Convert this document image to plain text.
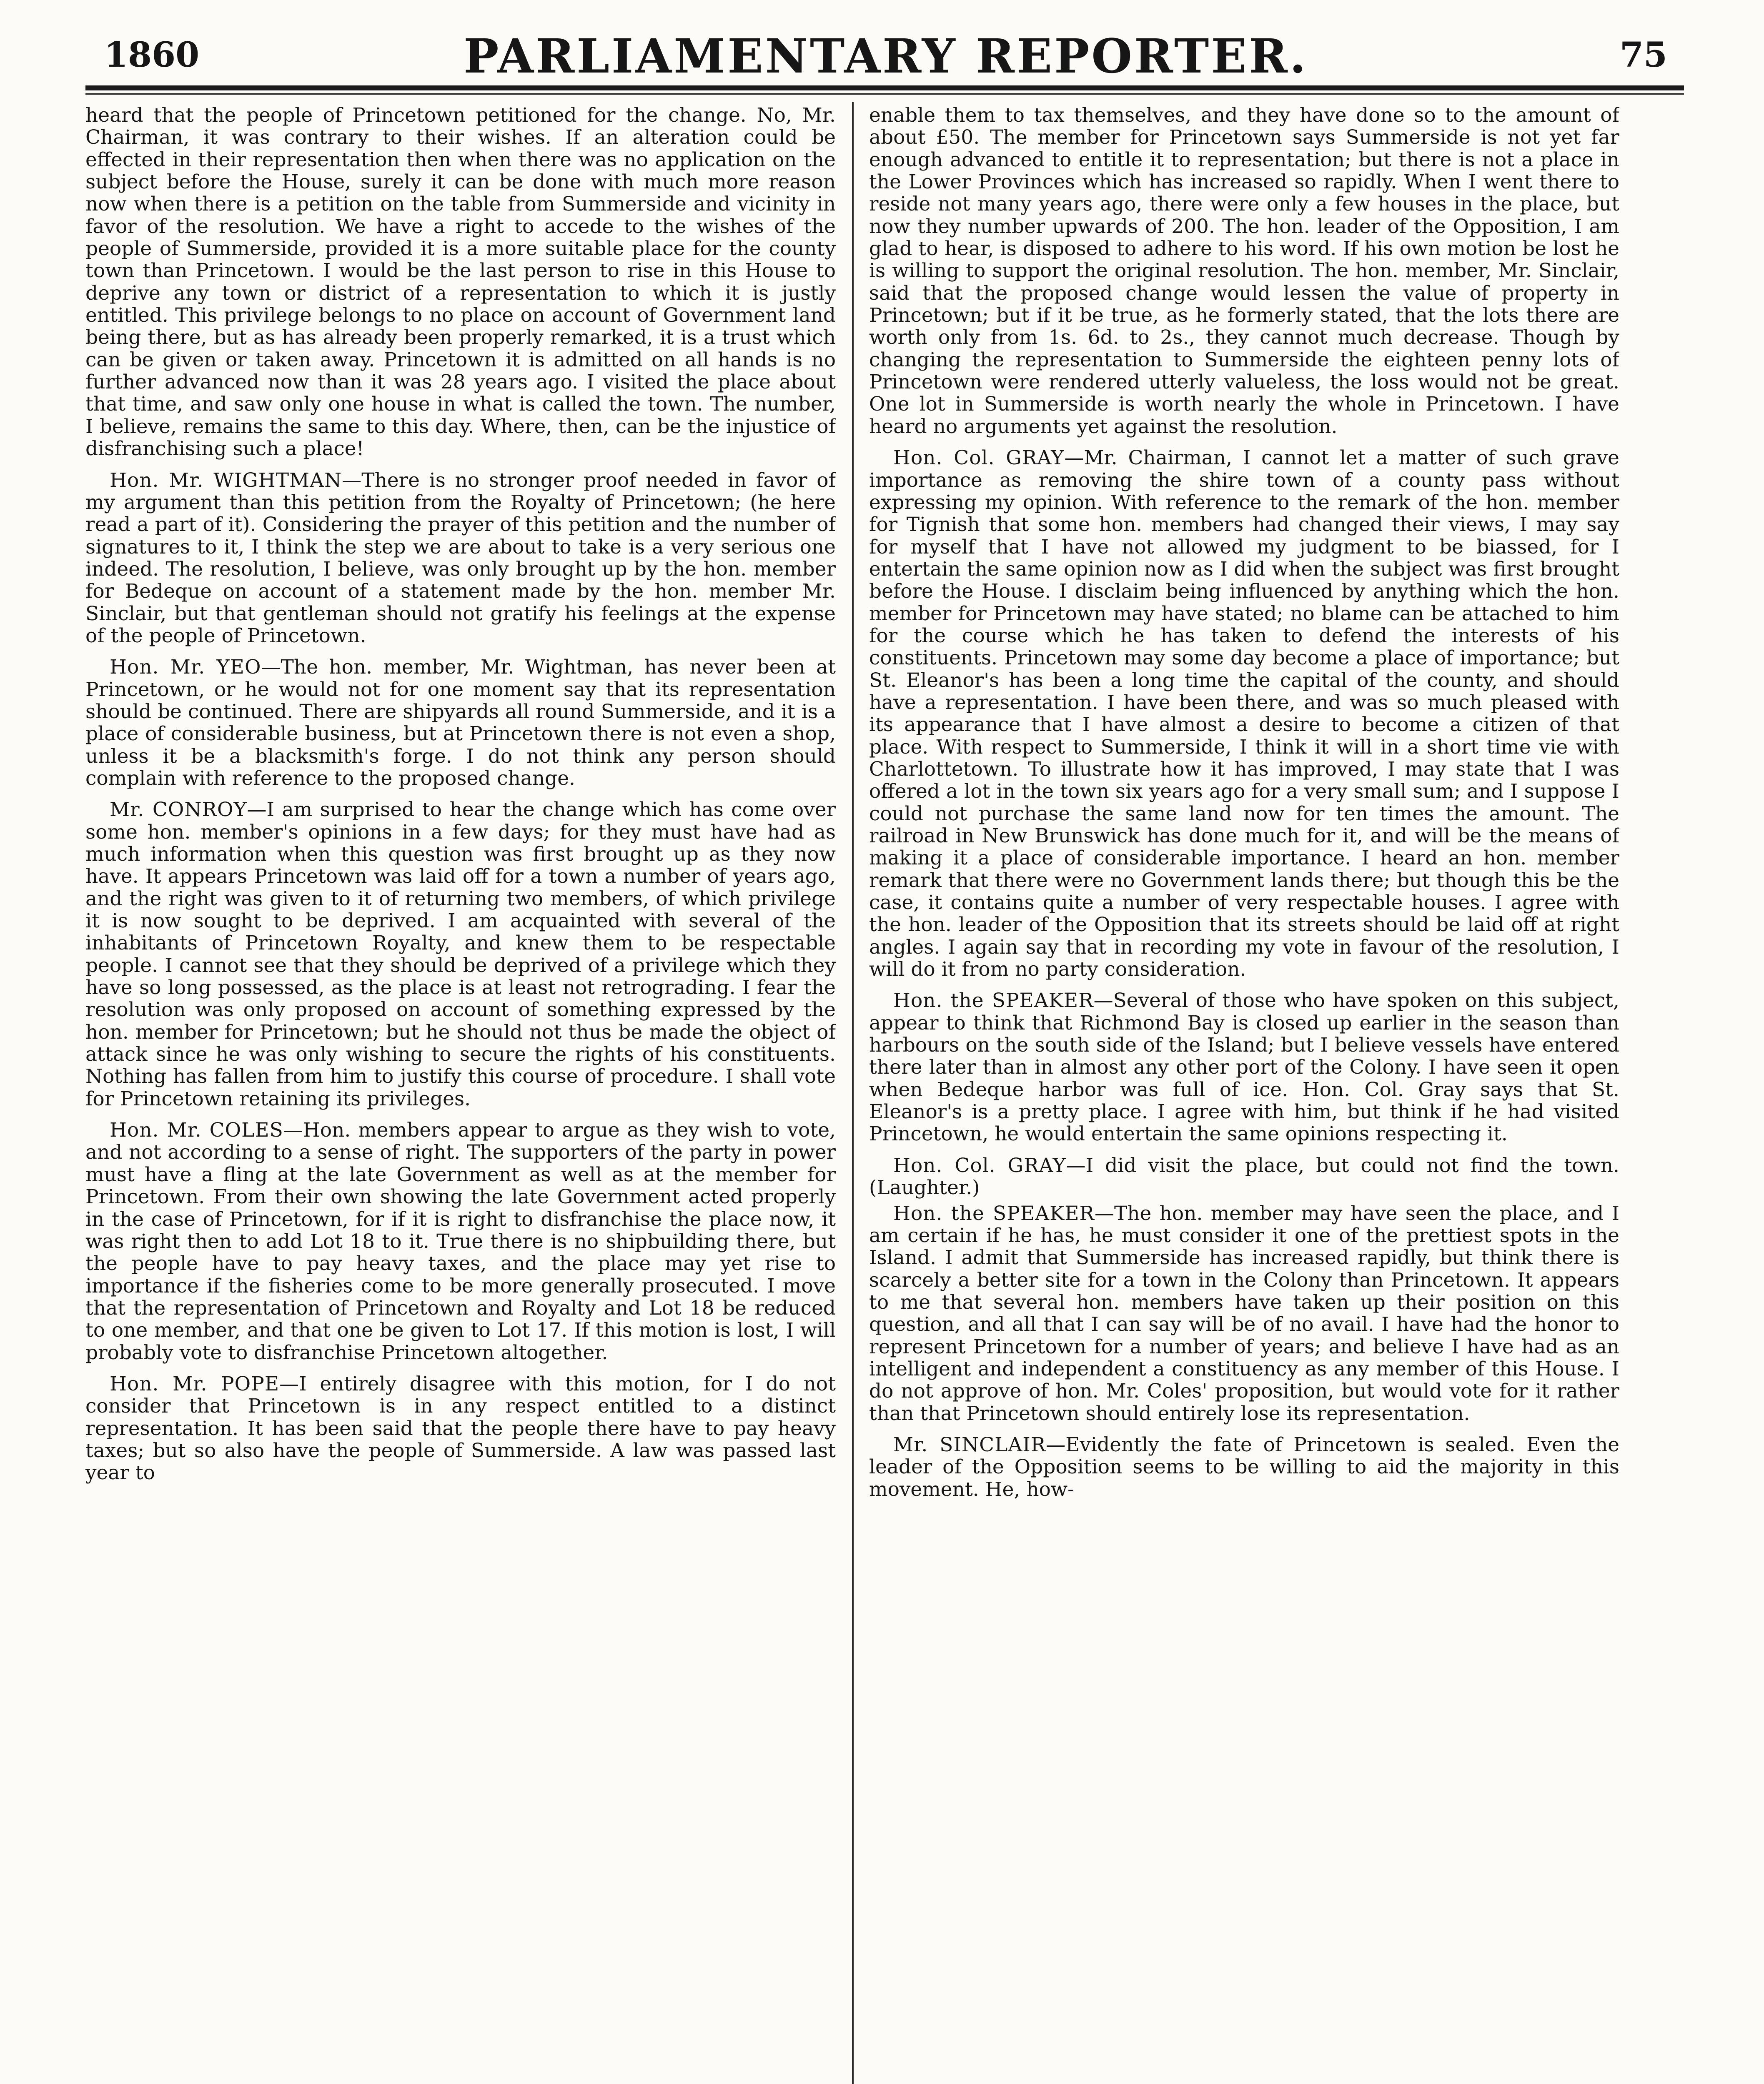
1860	PARLIAMENTARY REPORTER.	75

heard that the people of Princetown petitioned for the change. No, Mr. Chairman, it was contrary to their wishes. If an alteration could be effected in their representation then when there was no application on the subject before the House, surely it can be done with much more reason now when there is a petition on the table from Summerside and vicinity in favor of the resolution. We have a right to accede to the wishes of the people of Summerside, provided it is a more suitable place for the county town than Princetown. I would be the last person to rise in this House to deprive any town or district of a representation to which it is justly entitled. This privilege belongs to no place on account of Government land being there, but as has already been properly remarked, it is a trust which can be given or taken away. Princetown it is admitted on all hands is no further advanced now than it was 28 years ago. I visited the place about that time, and saw only one house in what is called the town. The number, I believe, remains the same to this day. Where, then, can be the injustice of disfranchising such a place!

Hon. Mr. WIGHTMAN—There is no stronger proof needed in favor of my argument than this petition from the Royalty of Princetown; (he here read a part of it). Considering the prayer of this petition and the number of signatures to it, I think the step we are about to take is a very serious one indeed. The resolution, I believe, was only brought up by the hon. member for Bedeque on account of a statement made by the hon. member Mr. Sinclair, but that gentleman should not gratify his feelings at the expense of the people of Princetown.

Hon. Mr. YEO—The hon. member, Mr. Wightman, has never been at Princetown, or he would not for one moment say that its representation should be continued. There are shipyards all round Summerside, and it is a place of considerable business, but at Princetown there is not even a shop, unless it be a blacksmith's forge. I do not think any person should complain with reference to the proposed change.

Mr. CONROY—I am surprised to hear the change which has come over some hon. member's opinions in a few days; for they must have had as much information when this question was first brought up as they now have. It appears Princetown was laid off for a town a number of years ago, and the right was given to it of returning two members, of which privilege it is now sought to be deprived. I am acquainted with several of the inhabitants of Princetown Royalty, and knew them to be respectable people. I cannot see that they should be deprived of a privilege which they have so long possessed, as the place is at least not retrograding. I fear the resolution was only proposed on account of something expressed by the hon. member for Princetown; but he should not thus be made the object of attack since he was only wishing to secure the rights of his constituents. Nothing has fallen from him to justify this course of procedure. I shall vote for Princetown retaining its privileges.

Hon. Mr. COLES—Hon. members appear to argue as they wish to vote, and not according to a sense of right. The supporters of the party in power must have a fling at the late Government as well as at the member for Princetown. From their own showing the late Government acted properly in the case of Princetown, for if it is right to disfranchise the place now, it was right then to add Lot 18 to it. True there is no shipbuilding there, but the people have to pay heavy taxes, and the place may yet rise to importance if the fisheries come to be more generally prosecuted. I move that the representation of Princetown and Royalty and Lot 18 be reduced to one member, and that one be given to Lot 17. If this motion is lost, I will probably vote to disfranchise Princetown altogether.

Hon. Mr. POPE—I entirely disagree with this motion, for I do not consider that Princetown is in any respect entitled to a distinct representation. It has been said that the people there have to pay heavy taxes; but so also have the people of Summerside. A law was passed last year to

enable them to tax themselves, and they have done so to the amount of about £50. The member for Princetown says Summerside is not yet far enough advanced to entitle it to representation; but there is not a place in the Lower Provinces which has increased so rapidly. When I went there to reside not many years ago, there were only a few houses in the place, but now they number upwards of 200. The hon. leader of the Opposition, I am glad to hear, is disposed to adhere to his word. If his own motion be lost he is willing to support the original resolution. The hon. member, Mr. Sinclair, said that the proposed change would lessen the value of property in Princetown; but if it be true, as he formerly stated, that the lots there are worth only from 1s. 6d. to 2s., they cannot much decrease. Though by changing the representation to Summerside the eighteen penny lots of Princetown were rendered utterly valueless, the loss would not be great. One lot in Summerside is worth nearly the whole in Princetown. I have heard no arguments yet against the resolution.

Hon. Col. GRAY—Mr. Chairman, I cannot let a matter of such grave importance as removing the shire town of a county pass without expressing my opinion. With reference to the remark of the hon. member for Tignish that some hon. members had changed their views, I may say for myself that I have not allowed my judgment to be biassed, for I entertain the same opinion now as I did when the subject was first brought before the House. I disclaim being influenced by anything which the hon. member for Princetown may have stated; no blame can be attached to him for the course which he has taken to defend the interests of his constituents. Princetown may some day become a place of importance; but St. Eleanor's has been a long time the capital of the county, and should have a representation. I have been there, and was so much pleased with its appearance that I have almost a desire to become a citizen of that place. With respect to Summerside, I think it will in a short time vie with Charlottetown. To illustrate how it has improved, I may state that I was offered a lot in the town six years ago for a very small sum; and I suppose I could not purchase the same land now for ten times the amount. The railroad in New Brunswick has done much for it, and will be the means of making it a place of considerable importance. I heard an hon. member remark that there were no Government lands there; but though this be the case, it contains quite a number of very respectable houses. I agree with the hon. leader of the Opposition that its streets should be laid off at right angles. I again say that in recording my vote in favour of the resolution, I will do it from no party consideration.

Hon. the SPEAKER—Several of those who have spoken on this subject, appear to think that Richmond Bay is closed up earlier in the season than harbours on the south side of the Island; but I believe vessels have entered there later than in almost any other port of the Colony. I have seen it open when Bedeque harbor was full of ice. Hon. Col. Gray says that St. Eleanor's is a pretty place. I agree with him, but think if he had visited Princetown, he would entertain the same opinions respecting it.

Hon. Col. GRAY—I did visit the place, but could not find the town. (Laughter.)

Hon. the SPEAKER—The hon. member may have seen the place, and I am certain if he has, he must consider it one of the prettiest spots in the Island. I admit that Summerside has increased rapidly, but think there is scarcely a better site for a town in the Colony than Princetown. It appears to me that several hon. members have taken up their position on this question, and all that I can say will be of no avail. I have had the honor to represent Princetown for a number of years; and believe I have had as an intelligent and independent a constituency as any member of this House. I do not approve of hon. Mr. Coles' proposition, but would vote for it rather than that Princetown should entirely lose its representation.

Mr. SINCLAIR—Evidently the fate of Princetown is sealed. Even the leader of the Opposition seems to be willing to aid the majority in this movement. He, how-
